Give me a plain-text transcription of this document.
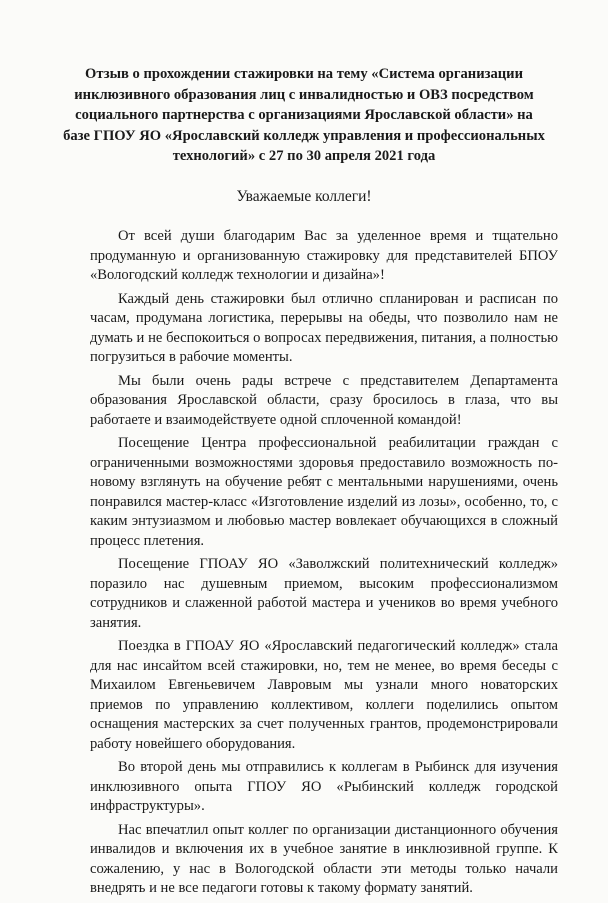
Отзыв о прохождении стажировки на тему «Система организации инклюзивного образования лиц с инвалидностью и ОВЗ посредством социального партнерства с организациями Ярославской области» на базе ГПОУ ЯО «Ярославский колледж управления и профессиональных технологий» с 27 по 30 апреля 2021 года
Уважаемые коллеги!

От всей души благодарим Вас за уделенное время и тщательно продуманную и организованную стажировку для представителей БПОУ «Вологодский колледж технологии и дизайна»!

Каждый день стажировки был отлично спланирован и расписан по часам, продумана логистика, перерывы на обеды, что позволило нам не думать и не беспокоиться о вопросах передвижения, питания, а полностью погрузиться в рабочие моменты.

Мы были очень рады встрече с представителем Департамента образования Ярославской области, сразу бросилось в глаза, что вы работаете и взаимодействуете одной сплоченной командой!

Посещение Центра профессиональной реабилитации граждан с ограниченными возможностями здоровья предоставило возможность по-новому взглянуть на обучение ребят с ментальными нарушениями, очень понравился мастер-класс «Изготовление изделий из лозы», особенно, то, с каким энтузиазмом и любовью мастер вовлекает обучающихся в сложный процесс плетения.

Посещение ГПОАУ ЯО «Заволжский политехнический колледж» поразило нас душевным приемом, высоким профессионализмом сотрудников и слаженной работой мастера и учеников во время учебного занятия.

Поездка в ГПОАУ ЯО «Ярославский педагогический колледж» стала для нас инсайтом всей стажировки, но, тем не менее, во время беседы с Михаилом Евгеньевичем Лавровым мы узнали много новаторских приемов по управлению коллективом, коллеги поделились опытом оснащения мастерских за счет полученных грантов, продемонстрировали работу новейшего оборудования.

Во второй день мы отправились к коллегам в Рыбинск для изучения инклюзивного опыта ГПОУ ЯО «Рыбинский колледж городской инфраструктуры».

Нас впечатлил опыт коллег по организации дистанционного обучения инвалидов и включения их в учебное занятие в инклюзивной группе. К сожалению, у нас в Вологодской области эти методы только начали внедрять и не все педагоги готовы к такому формату занятий.
